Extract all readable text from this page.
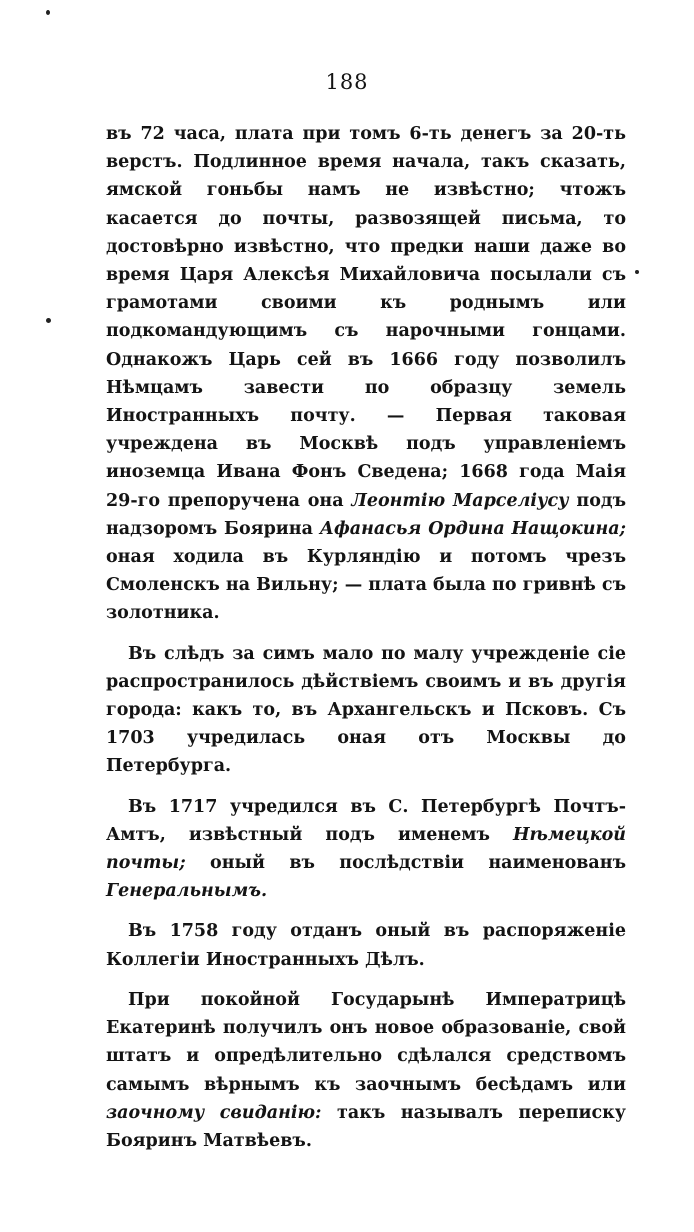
188

въ 72 часа, плата при томъ 6-ть денегъ за 20-ть верстъ. Подлинное время начала, такъ сказать, ямской гоньбы намъ не извѣстно; чтожъ касается до почты, развозящей письма, то достовѣрно извѣстно, что предки наши даже во время Царя Алексѣя Михайловича посылали съ грамотами своими къ роднымъ или подкомандующимъ съ нарочными гонцами. Однакожъ Царь сей въ 1666 году позволилъ Нѣмцамъ завести по образцу земель Иностранныхъ почту. — Первая таковая учреждена въ Москвѣ подъ управленіемъ иноземца Ивана Фонъ Сведена; 1668 года Маія 29-го препоручена она Леонтію Марселіусу подъ надзоромъ Боярина Афанасья Ордина Нащокина; оная ходила въ Курляндію и потомъ чрезъ Смоленскъ на Вильну; — плата была по гривнѣ съ золотника.

Въ слѣдъ за симъ мало по малу учрежденіе сіе распространилось дѣйствіемъ своимъ и въ другія города: какъ то, въ Архангельскъ и Псковъ. Съ 1703 учредилась оная отъ Москвы до Петербурга.

Въ 1717 учредился въ С. Петербургѣ Почтъ-Амтъ, извѣстный подъ именемъ Нѣмецкой почты; оный въ послѣдствіи наименованъ Генеральнымъ.

Въ 1758 году отданъ оный въ распоряженіе Коллегіи Иностранныхъ Дѣлъ.

При покойной Государынѣ Императрицѣ Екатеринѣ получилъ онъ новое образованіе, свой штатъ и опредѣлительно сдѣлался средствомъ самымъ вѣрнымъ къ заочнымъ бесѣдамъ или заочному свиданію: такъ называлъ переписку Бояринъ Матвѣевъ.
